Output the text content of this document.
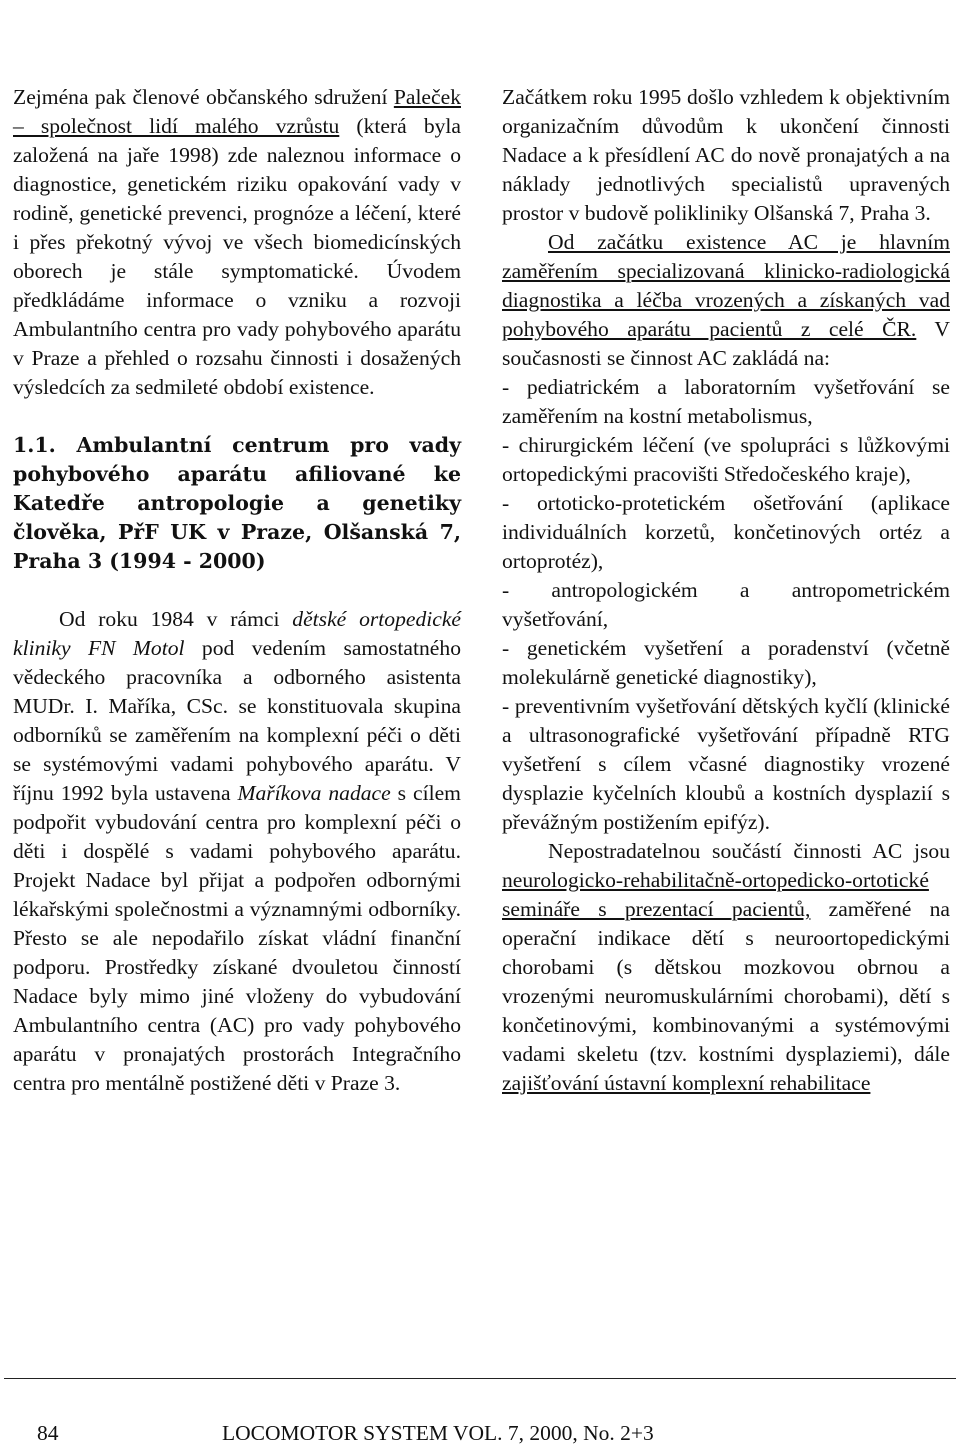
Zejména pak členové občanského sdružení Paleček – společnost lidí malého vzrůstu (která byla založená na jaře 1998) zde naleznou informace o diagnostice, genetickém riziku opakování vady v rodině, genetické prevenci, prognóze a léčení, které i přes překotný vývoj ve všech biomedicínských oborech je stále symptomatické. Úvodem předkládáme informace o vzniku a rozvoji Ambulantního centra pro vady pohybového aparátu v Praze a přehled o rozsahu činnosti i dosažených výsledcích za sedmileté období existence.

1.1. Ambulantní centrum pro vady pohybového aparátu afiliované ke Katedře antropologie a genetiky člověka, PřF UK v Praze, Olšanská 7, Praha 3 (1994 - 2000)

Od roku 1984 v rámci dětské ortopedické kliniky FN Motol pod vedením samostatného vědeckého pracovníka a odborného asistenta MUDr. I. Maříka, CSc. se konstituovala skupina odborníků se zaměřením na komplexní péči o děti se systémovými vadami pohybového aparátu. V říjnu 1992 byla ustavena Maříkova nadace s cílem podpořit vybudování centra pro komplexní péči o děti i dospělé s vadami pohybového aparátu. Projekt Nadace byl přijat a podpořen odbornými lékařskými společnostmi a významnými odborníky. Přesto se ale nepodařilo získat vládní finanční podporu. Prostředky získané dvouletou činností Nadace byly mimo jiné vloženy do vybudování Ambulantního centra (AC) pro vady pohybového aparátu v pronajatých prostorách Integračního centra pro mentálně postižené děti v Praze 3.

Začátkem roku 1995 došlo vzhledem k objektivním organizačním důvodům k ukončení činnosti Nadace a k přesídlení AC do nově pronajatých a na náklady jednotlivých specialistů upravených prostor v budově polikliniky Olšanská 7, Praha 3.

Od začátku existence AC je hlavním zaměřením specializovaná klinicko-radiologická diagnostika a léčba vrozených a získaných vad pohybového aparátu pacientů z celé ČR. V současnosti se činnost AC zakládá na:

- pediatrickém a laboratorním vyšetřování se zaměřením na kostní metabolismus,

- chirurgickém léčení (ve spolupráci s lůžkovými ortopedickými pracovišti Středočeského kraje),

- ortoticko-protetickém ošetřování (aplikace individuálních korzetů, končetinových ortéz a ortoprotéz),

- antropologickém a antropometrickém vyšetřování,

- genetickém vyšetření a poradenství (včetně molekulárně genetické diagnostiky),

- preventivním vyšetřování dětských kyčlí (klinické a ultrasonografické vyšetřování případně RTG vyšetření s cílem včasné diagnostiky vrozené dysplazie kyčelních kloubů a kostních dysplazií s převážným postižením epifýz).

Nepostradatelnou součástí činnosti AC jsou neurologicko-rehabilitačně-ortopedicko-ortotické semináře s prezentací pacientů, zaměřené na operační indikace dětí s neuroortopedickými chorobami (s dětskou mozkovou obrnou a vrozenými neuromuskulárními chorobami), dětí s končetinovými, kombinovanými a systémovými vadami skeletu (tzv. kostními dysplaziemi), dále zajišťování ústavní komplexní rehabilitace

84	LOCOMOTOR SYSTEM VOL. 7, 2000, No. 2+3
